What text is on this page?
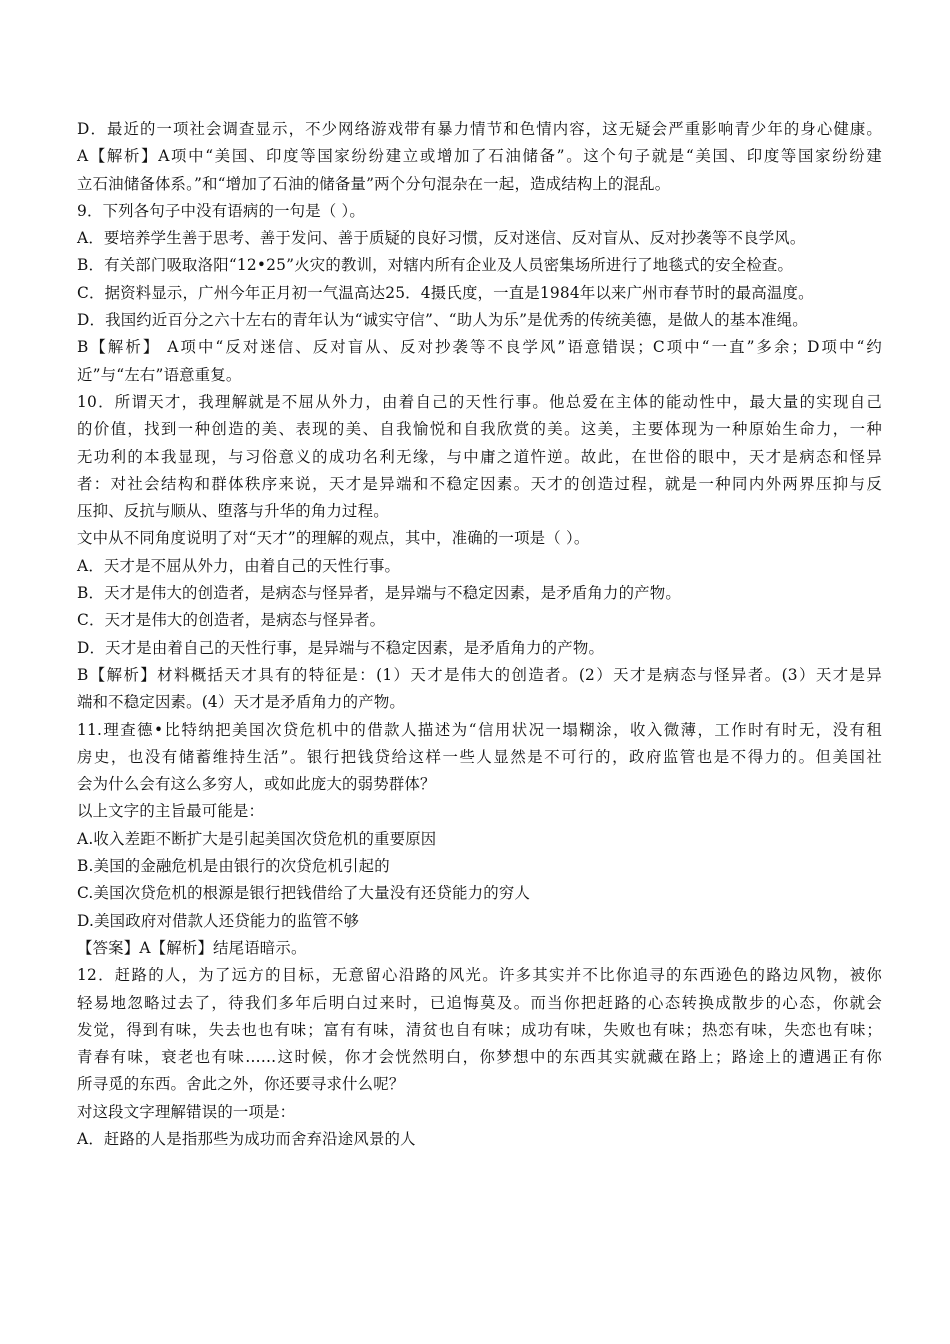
D．最近的一项社会调查显示，不少网络游戏带有暴力情节和色情内容，这无疑会严重影响青少年的身心健康。
A【解析】A项中“美国、印度等国家纷纷建立或增加了石油储备”。这个句子就是“美国、印度等国家纷纷建
立石油储备体系。”和“增加了石油的储备量”两个分句混杂在一起，造成结构上的混乱。
9．下列各句子中没有语病的一句是（ ）。
A．要培养学生善于思考、善于发问、善于质疑的良好习惯，反对迷信、反对盲从、反对抄袭等不良学风。
B．有关部门吸取洛阳“12•25”火灾的教训，对辖内所有企业及人员密集场所进行了地毯式的安全检查。
C．据资料显示，广州今年正月初一气温高达25．4摄氏度，一直是1984年以来广州市春节时的最高温度。
D．我国约近百分之六十左右的青年认为“诚实守信”、“助人为乐”是优秀的传统美德，是做人的基本准绳。
B【解析】 A项中“反对迷信、反对盲从、反对抄袭等不良学风”语意错误；C项中“一直”多余；D项中“约
近”与“左右”语意重复。
10．所谓天才，我理解就是不屈从外力，由着自己的天性行事。他总爱在主体的能动性中，最大量的实现自己
的价值，找到一种创造的美、表现的美、自我愉悦和自我欣赏的美。这美，主要体现为一种原始生命力，一种
无功利的本我显现，与习俗意义的成功名利无缘，与中庸之道忤逆。故此，在世俗的眼中，天才是病态和怪异
者：对社会结构和群体秩序来说，天才是异端和不稳定因素。天才的创造过程，就是一种同内外两界压抑与反
压抑、反抗与顺从、堕落与升华的角力过程。
文中从不同角度说明了对“天才”的理解的观点，其中，准确的一项是（ ）。
A．天才是不屈从外力，由着自己的天性行事。
B．天才是伟大的创造者，是病态与怪异者，是异端与不稳定因素，是矛盾角力的产物。
C．天才是伟大的创造者，是病态与怪异者。
D．天才是由着自己的天性行事，是异端与不稳定因素，是矛盾角力的产物。
B【解析】材料概括天才具有的特征是：(1）天才是伟大的创造者。(2）天才是病态与怪异者。(3）天才是异
端和不稳定因素。(4）天才是矛盾角力的产物。
11.理查德•比特纳把美国次贷危机中的借款人描述为“信用状况一塌糊涂，收入微薄，工作时有时无，没有租
房史，也没有储蓄维持生活”。银行把钱贷给这样一些人显然是不可行的，政府监管也是不得力的。但美国社
会为什么会有这么多穷人，或如此庞大的弱势群体？
以上文字的主旨最可能是：
A.收入差距不断扩大是引起美国次贷危机的重要原因
B.美国的金融危机是由银行的次贷危机引起的
C.美国次贷危机的根源是银行把钱借给了大量没有还贷能力的穷人
D.美国政府对借款人还贷能力的监管不够
【答案】A【解析】结尾语暗示。
12．赶路的人，为了远方的目标，无意留心沿路的风光。许多其实并不比你追寻的东西逊色的路边风物，被你
轻易地忽略过去了，待我们多年后明白过来时，已追悔莫及。而当你把赶路的心态转换成散步的心态，你就会
发觉，得到有味，失去也也有味；富有有味，清贫也自有味；成功有味，失败也有味；热恋有味，失恋也有味；
青春有味，衰老也有味……这时候，你才会恍然明白，你梦想中的东西其实就藏在路上；路途上的遭遇正有你
所寻觅的东西。舍此之外，你还要寻求什么呢？
对这段文字理解错误的一项是：
A．赶路的人是指那些为成功而舍弃沿途风景的人
